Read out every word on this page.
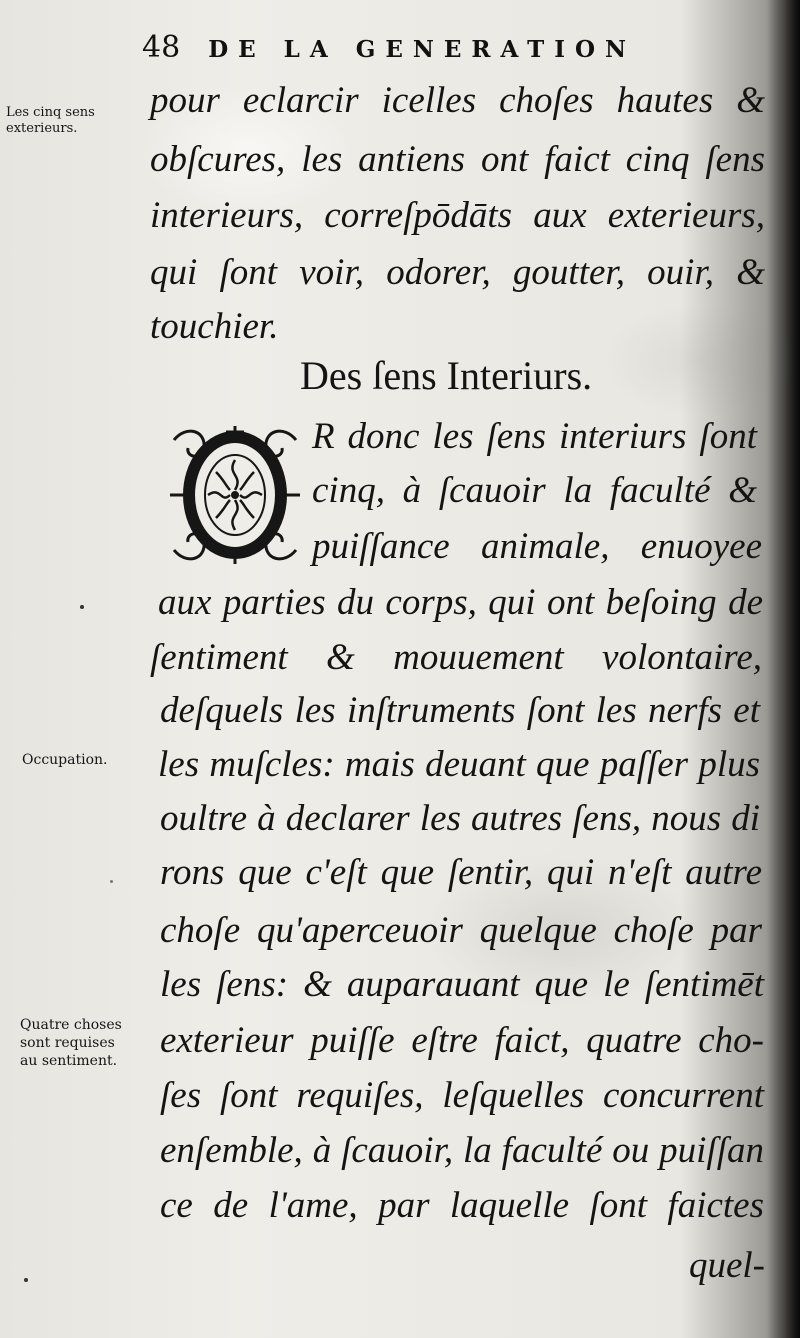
48 DE LA GENERATION
Les cinq sens
exterieurs.
Occupation.
Quatre choses
sont requises
au sentiment.
pour eclarcir icelles choſes hautes &
obſcures, les antiens ont faict cinq ſens
interieurs, correſpōdāts aux exterieurs,
qui ſont voir, odorer, goutter, ouir, &
touchier.
Des ſens Interiurs.
R donc les ſens interiurs ſont
cinq, à ſcauoir la faculté &
puiſſance animale, enuoyee
aux parties du corps, qui ont beſoing de
ſentiment & mouuement volontaire,
deſquels les inſtruments ſont les nerfs et
les muſcles: mais deuant que paſſer plus
oultre à declarer les autres ſens, nous di
rons que c'eſt que ſentir, qui n'eſt autre
choſe qu'aperceuoir quelque choſe par
les ſens: & auparauant que le ſentimēt
exterieur puiſſe eſtre faict, quatre cho-
ſes ſont requiſes, leſquelles concurrent
enſemble, à ſcauoir, la faculté ou puiſſan
ce de l'ame, par laquelle ſont faictes
quel-
